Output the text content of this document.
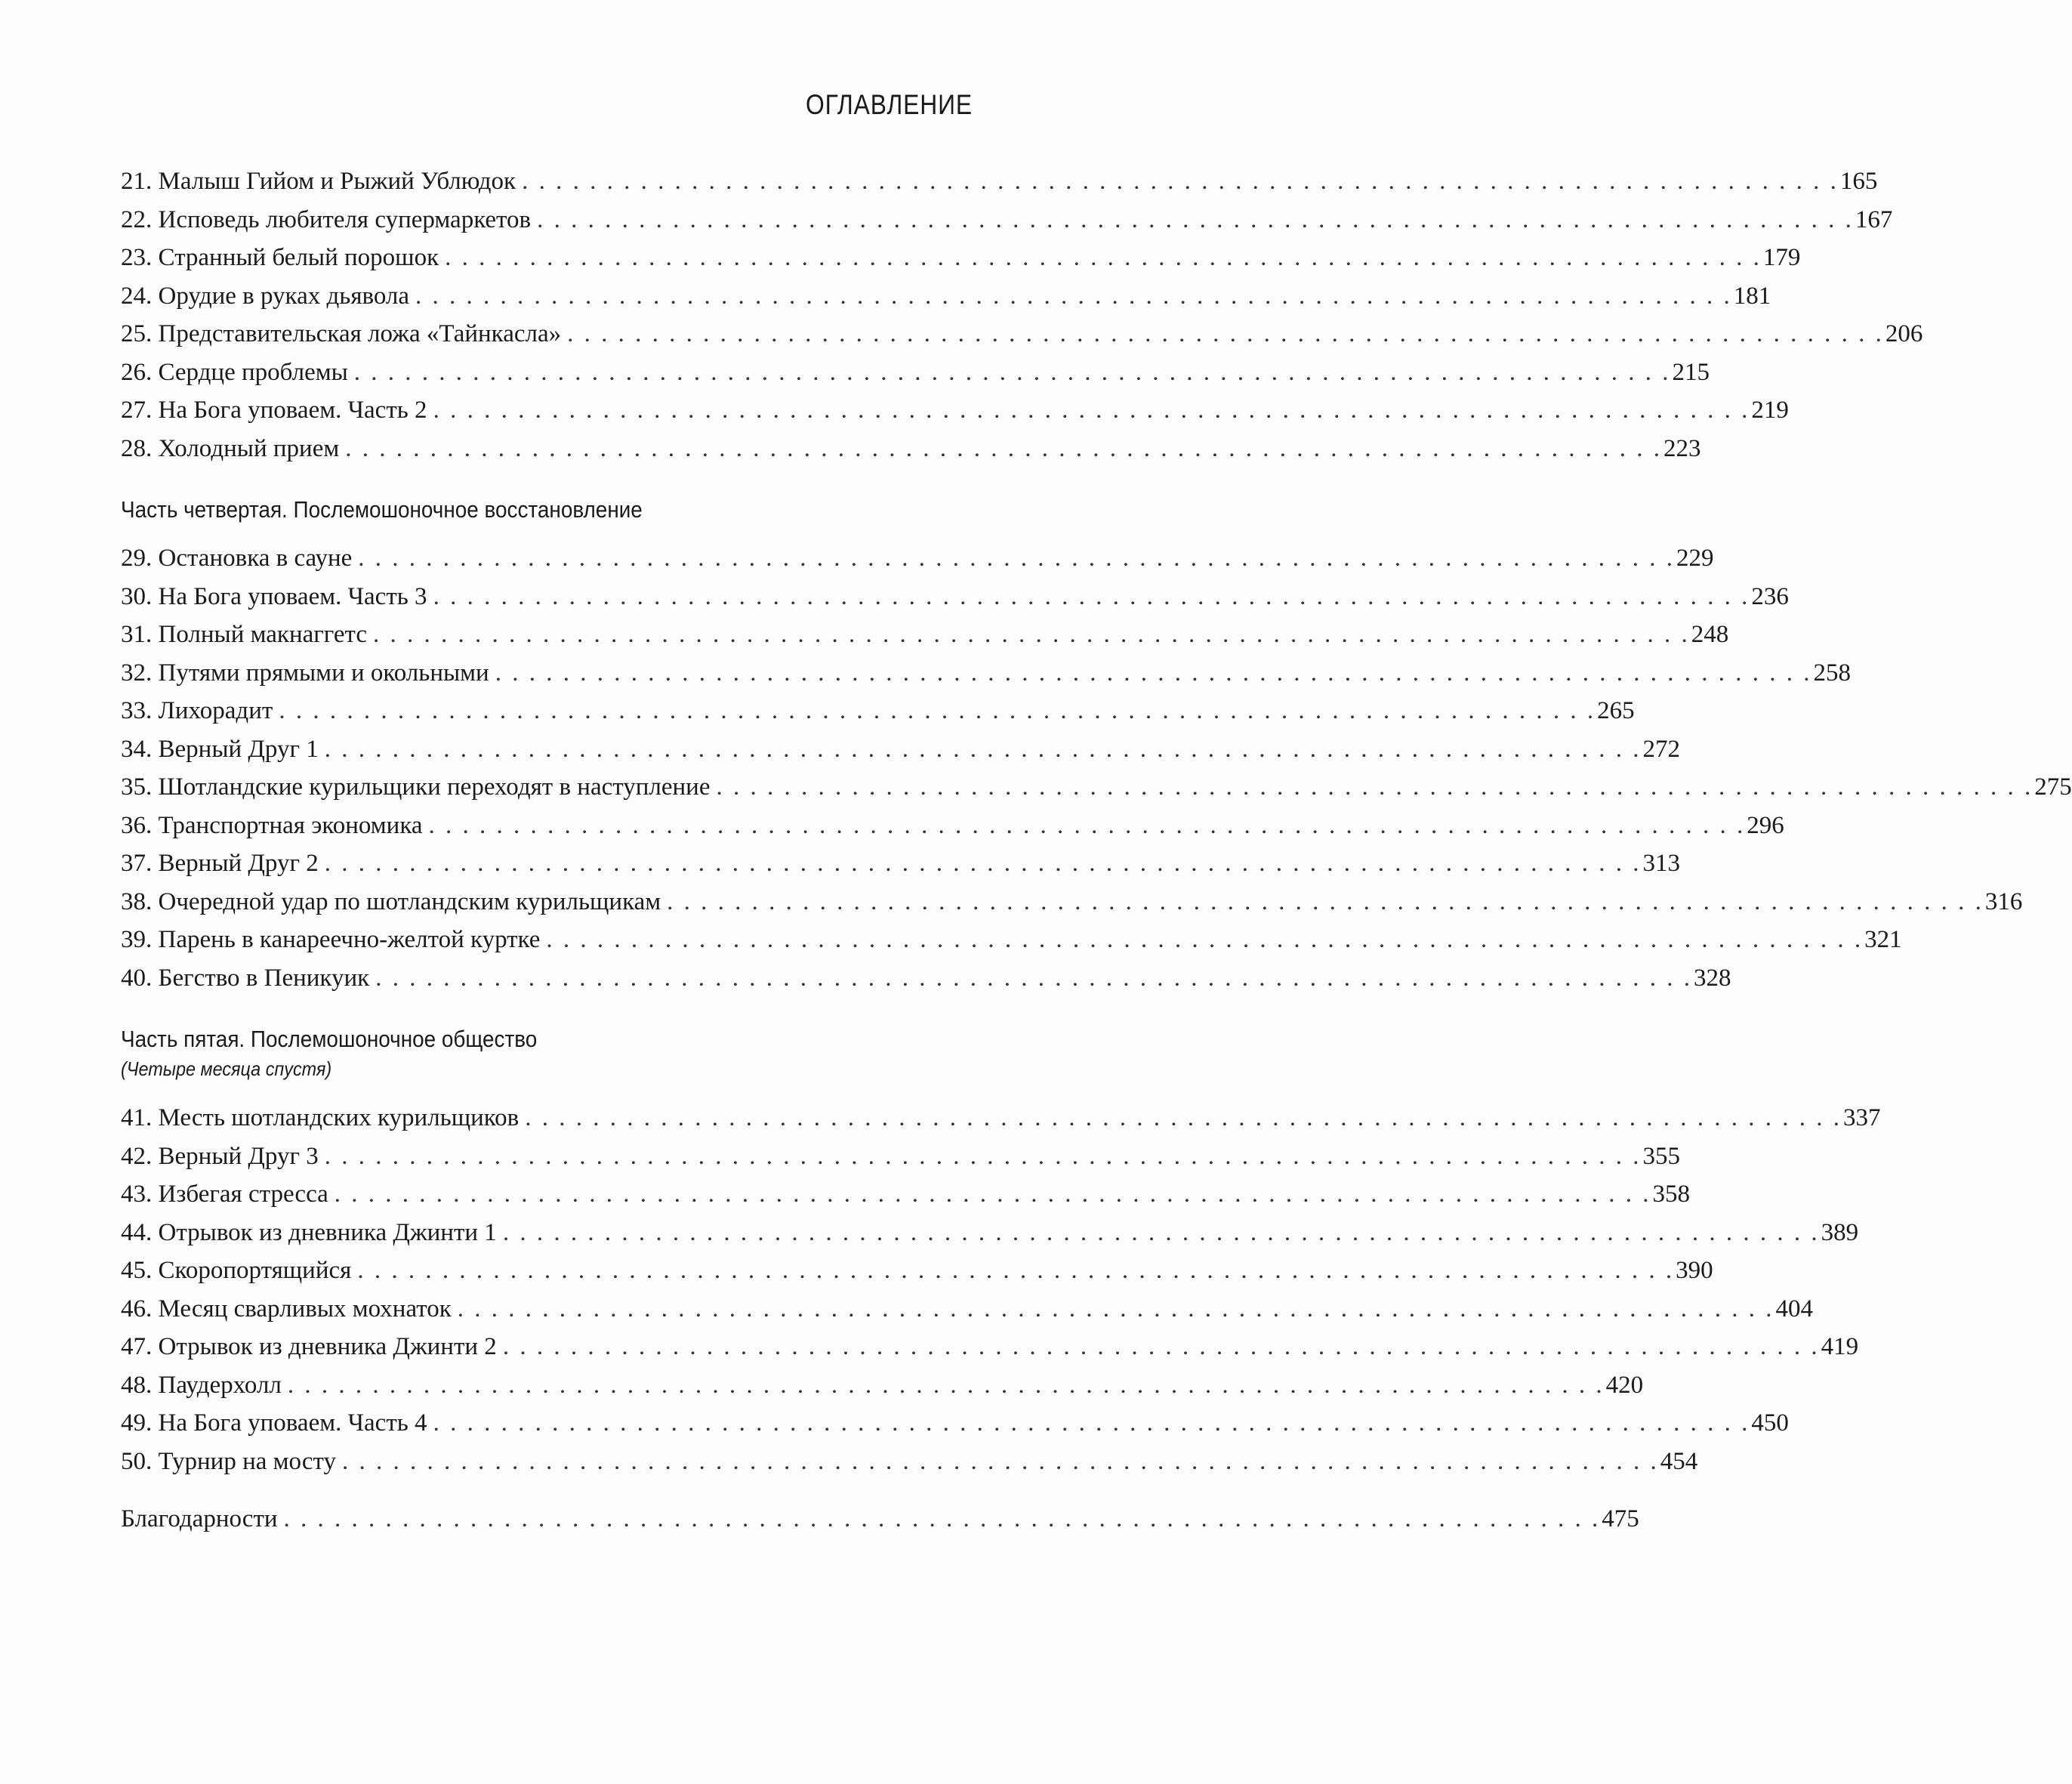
ОГЛАВЛЕНИЕ
21. Малыш Гийом и Рыжий Ублюдок . . . . . . . . . . . . . . . . . . . . . . . . . . . . . . . . . . . . . . . . . . . . . . . . . . . . . . . . . . . . . . . . . . . . . . . . . . . . . . 165
22. Исповедь любителя супермаркетов . . . . . . . . . . . . . . . . . . . . . . . . . . . . . . . . . . . . . . . . . . . . . . . . . . . . . . . . . . . . . . . . . . . . . . . . . . . . . . 167
23. Странный белый порошок . . . . . . . . . . . . . . . . . . . . . . . . . . . . . . . . . . . . . . . . . . . . . . . . . . . . . . . . . . . . . . . . . . . . . . . . . . . . . . 179
24. Орудие в руках дьявола . . . . . . . . . . . . . . . . . . . . . . . . . . . . . . . . . . . . . . . . . . . . . . . . . . . . . . . . . . . . . . . . . . . . . . . . . . . . . . 181
25. Представительская ложа «Тайнкасла» . . . . . . . . . . . . . . . . . . . . . . . . . . . . . . . . . . . . . . . . . . . . . . . . . . . . . . . . . . . . . . . . . . . . . . . . . . . . . . 206
26. Сердце проблемы . . . . . . . . . . . . . . . . . . . . . . . . . . . . . . . . . . . . . . . . . . . . . . . . . . . . . . . . . . . . . . . . . . . . . . . . . . . . . . 215
27. На Бога уповаем. Часть 2 . . . . . . . . . . . . . . . . . . . . . . . . . . . . . . . . . . . . . . . . . . . . . . . . . . . . . . . . . . . . . . . . . . . . . . . . . . . . . . 219
28. Холодный прием . . . . . . . . . . . . . . . . . . . . . . . . . . . . . . . . . . . . . . . . . . . . . . . . . . . . . . . . . . . . . . . . . . . . . . . . . . . . . . 223
Часть четвертая. Послемошоночное восстановление
29. Остановка в сауне . . . . . . . . . . . . . . . . . . . . . . . . . . . . . . . . . . . . . . . . . . . . . . . . . . . . . . . . . . . . . . . . . . . . . . . . . . . . . . 229
30. На Бога уповаем. Часть 3 . . . . . . . . . . . . . . . . . . . . . . . . . . . . . . . . . . . . . . . . . . . . . . . . . . . . . . . . . . . . . . . . . . . . . . . . . . . . . . 236
31. Полный макнаггетс . . . . . . . . . . . . . . . . . . . . . . . . . . . . . . . . . . . . . . . . . . . . . . . . . . . . . . . . . . . . . . . . . . . . . . . . . . . . . . 248
32. Путями прямыми и окольными . . . . . . . . . . . . . . . . . . . . . . . . . . . . . . . . . . . . . . . . . . . . . . . . . . . . . . . . . . . . . . . . . . . . . . . . . . . . . . 258
33. Лихорадит . . . . . . . . . . . . . . . . . . . . . . . . . . . . . . . . . . . . . . . . . . . . . . . . . . . . . . . . . . . . . . . . . . . . . . . . . . . . . . 265
34. Верный Друг 1 . . . . . . . . . . . . . . . . . . . . . . . . . . . . . . . . . . . . . . . . . . . . . . . . . . . . . . . . . . . . . . . . . . . . . . . . . . . . . . 272
35. Шотландские курильщики переходят в наступление . . . . . . . . . . . . . . . . . . . . . . . . . . . . . . . . . . . . . . . . . . . . . . . . . . . . . . . . . . . . . . . . . . . . . . . . . . . . . . 275
36. Транспортная экономика . . . . . . . . . . . . . . . . . . . . . . . . . . . . . . . . . . . . . . . . . . . . . . . . . . . . . . . . . . . . . . . . . . . . . . . . . . . . . . 296
37. Верный Друг 2 . . . . . . . . . . . . . . . . . . . . . . . . . . . . . . . . . . . . . . . . . . . . . . . . . . . . . . . . . . . . . . . . . . . . . . . . . . . . . . 313
38. Очередной удар по шотландским курильщикам . . . . . . . . . . . . . . . . . . . . . . . . . . . . . . . . . . . . . . . . . . . . . . . . . . . . . . . . . . . . . . . . . . . . . . . . . . . . . . 316
39. Парень в канареечно-желтой куртке . . . . . . . . . . . . . . . . . . . . . . . . . . . . . . . . . . . . . . . . . . . . . . . . . . . . . . . . . . . . . . . . . . . . . . . . . . . . . . 321
40. Бегство в Пеникуик . . . . . . . . . . . . . . . . . . . . . . . . . . . . . . . . . . . . . . . . . . . . . . . . . . . . . . . . . . . . . . . . . . . . . . . . . . . . . . 328
Часть пятая. Послемошоночное общество
(Четыре месяца спустя)
41. Месть шотландских курильщиков . . . . . . . . . . . . . . . . . . . . . . . . . . . . . . . . . . . . . . . . . . . . . . . . . . . . . . . . . . . . . . . . . . . . . . . . . . . . . . 337
42. Верный Друг 3 . . . . . . . . . . . . . . . . . . . . . . . . . . . . . . . . . . . . . . . . . . . . . . . . . . . . . . . . . . . . . . . . . . . . . . . . . . . . . . 355
43. Избегая стресса . . . . . . . . . . . . . . . . . . . . . . . . . . . . . . . . . . . . . . . . . . . . . . . . . . . . . . . . . . . . . . . . . . . . . . . . . . . . . . 358
44. Отрывок из дневника Джинти 1 . . . . . . . . . . . . . . . . . . . . . . . . . . . . . . . . . . . . . . . . . . . . . . . . . . . . . . . . . . . . . . . . . . . . . . . . . . . . . . 389
45. Скоропортящийся . . . . . . . . . . . . . . . . . . . . . . . . . . . . . . . . . . . . . . . . . . . . . . . . . . . . . . . . . . . . . . . . . . . . . . . . . . . . . . 390
46. Месяц сварливых мохнаток . . . . . . . . . . . . . . . . . . . . . . . . . . . . . . . . . . . . . . . . . . . . . . . . . . . . . . . . . . . . . . . . . . . . . . . . . . . . . . 404
47. Отрывок из дневника Джинти 2 . . . . . . . . . . . . . . . . . . . . . . . . . . . . . . . . . . . . . . . . . . . . . . . . . . . . . . . . . . . . . . . . . . . . . . . . . . . . . . 419
48. Паудерхолл . . . . . . . . . . . . . . . . . . . . . . . . . . . . . . . . . . . . . . . . . . . . . . . . . . . . . . . . . . . . . . . . . . . . . . . . . . . . . . 420
49. На Бога уповаем. Часть 4 . . . . . . . . . . . . . . . . . . . . . . . . . . . . . . . . . . . . . . . . . . . . . . . . . . . . . . . . . . . . . . . . . . . . . . . . . . . . . . 450
50. Турнир на мосту . . . . . . . . . . . . . . . . . . . . . . . . . . . . . . . . . . . . . . . . . . . . . . . . . . . . . . . . . . . . . . . . . . . . . . . . . . . . . . 454
Благодарности . . . . . . . . . . . . . . . . . . . . . . . . . . . . . . . . . . . . . . . . . . . . . . . . . . . . . . . . . . . . . . . . . . . . . . . . . . . . . . 475
